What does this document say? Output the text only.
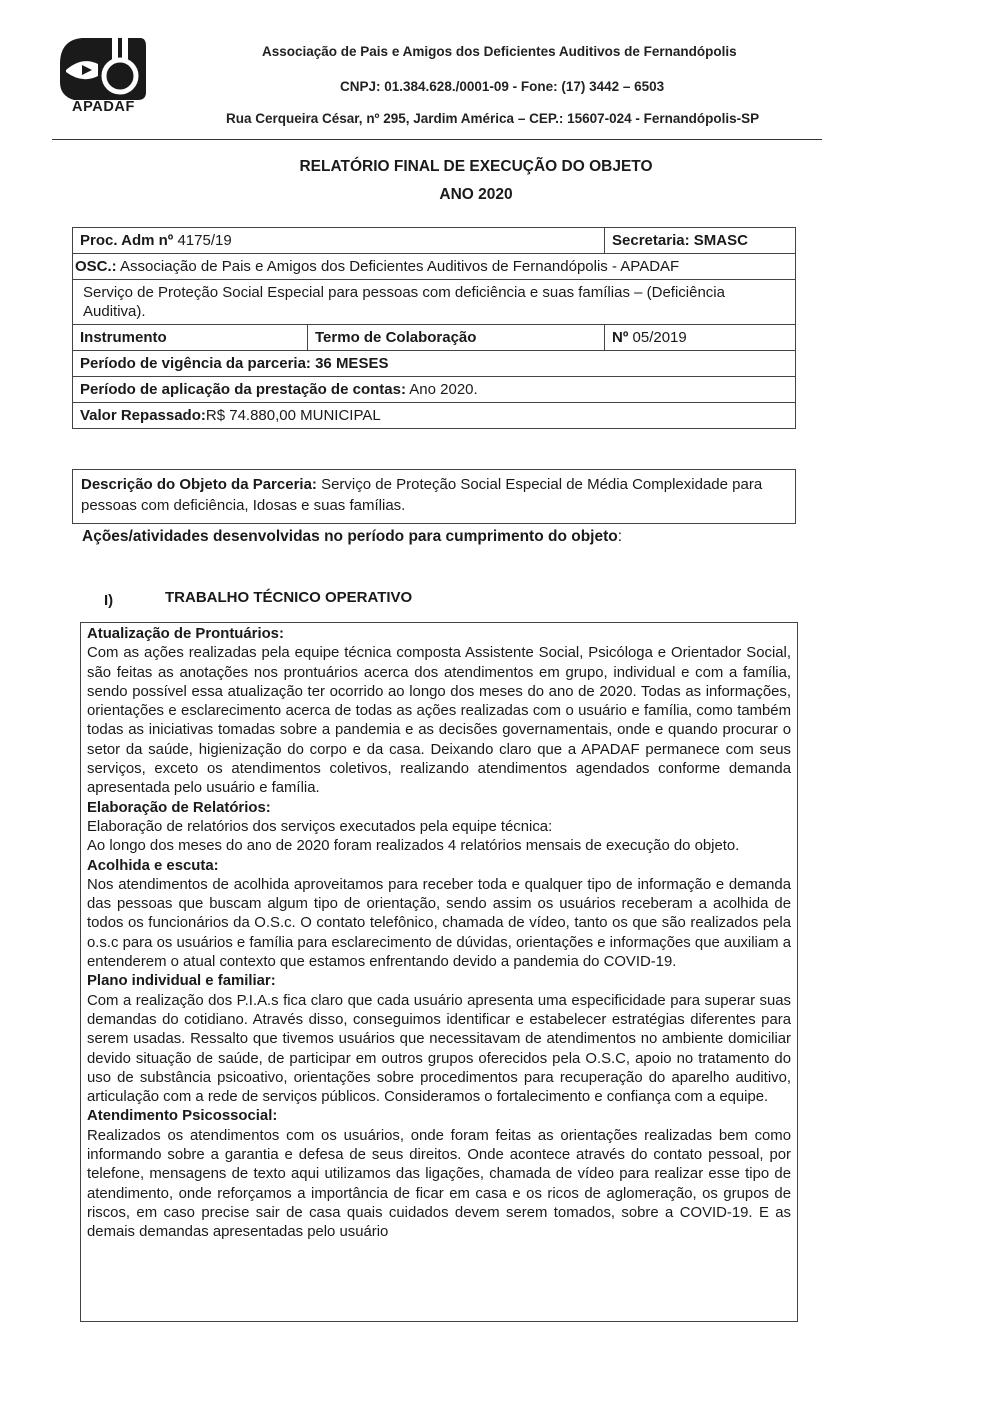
APADAF
Associação de Pais e Amigos dos Deficientes Auditivos de Fernandópolis
CNPJ: 01.384.628./0001-09 - Fone: (17) 3442 – 6503
Rua Cerqueira César, nº 295, Jardim América – CEP.: 15607-024 - Fernandópolis-SP
RELATÓRIO FINAL DE EXECUÇÃO DO OBJETO
ANO 2020
Proc. Adm nº 4175/19		Secretaria: SMASC
OSC.: Associação de Pais e Amigos dos Deficientes Auditivos de Fernandópolis - APADAF		
Serviço de Proteção Social Especial para pessoas com deficiência e suas famílias – (Deficiência Auditiva).		
Instrumento	Termo de Colaboração	Nº 05/2019
Período de vigência da parceria: 36 MESES		
Período de aplicação da prestação de contas: Ano 2020.		
Valor Repassado:R$ 74.880,00 MUNICIPAL		
Descrição do Objeto da Parceria: Serviço de Proteção Social Especial de Média Complexidade para pessoas com deficiência, Idosas e suas famílias.
Ações/atividades desenvolvidas no período para cumprimento do objeto:
I)	TRABALHO TÉCNICO OPERATIVO
Atualização de Prontuários:

Com as ações realizadas pela equipe técnica composta Assistente Social, Psicóloga e Orientador Social, são feitas as anotações nos prontuários acerca dos atendimentos em grupo, individual e com a família, sendo possível essa atualização ter ocorrido ao longo dos meses do ano de 2020. Todas as informações, orientações e esclarecimento acerca de todas as ações realizadas com o usuário e família, como também todas as iniciativas tomadas sobre a pandemia e as decisões governamentais, onde e quando procurar o setor da saúde, higienização do corpo e da casa. Deixando claro que a APADAF permanece com seus serviços, exceto os atendimentos coletivos, realizando atendimentos agendados conforme demanda apresentada pelo usuário e família.

Elaboração de Relatórios:

Elaboração de relatórios dos serviços executados pela equipe técnica:

Ao longo dos meses do ano de 2020 foram realizados 4 relatórios mensais de execução do objeto.

Acolhida e escuta:

Nos atendimentos de acolhida aproveitamos para receber toda e qualquer tipo de informação e demanda das pessoas que buscam algum tipo de orientação, sendo assim os usuários receberam a acolhida de todos os funcionários da O.S.c. O contato telefônico, chamada de vídeo, tanto os que são realizados pela o.s.c para os usuários e família para esclarecimento de dúvidas, orientações e informações que auxiliam a entenderem o atual contexto que estamos enfrentando devido a pandemia do COVID-19.

Plano individual e familiar:

Com a realização dos P.I.A.s fica claro que cada usuário apresenta uma especificidade para superar suas demandas do cotidiano. Através disso, conseguimos identificar e estabelecer estratégias diferentes para serem usadas. Ressalto que tivemos usuários que necessitavam de atendimentos no ambiente domiciliar devido situação de saúde, de participar em outros grupos oferecidos pela O.S.C, apoio no tratamento do uso de substância psicoativo, orientações sobre procedimentos para recuperação do aparelho auditivo, articulação com a rede de serviços públicos. Consideramos o fortalecimento e confiança com a equipe.

Atendimento Psicossocial:

Realizados os atendimentos com os usuários, onde foram feitas as orientações realizadas bem como informando sobre a garantia e defesa de seus direitos. Onde acontece através do contato pessoal, por telefone, mensagens de texto aqui utilizamos das ligações, chamada de vídeo para realizar esse tipo de atendimento, onde reforçamos a importância de ficar em casa e os ricos de aglomeração, os grupos de riscos, em caso precise sair de casa quais cuidados devem serem tomados, sobre a COVID-19. E as demais demandas apresentadas pelo usuário
